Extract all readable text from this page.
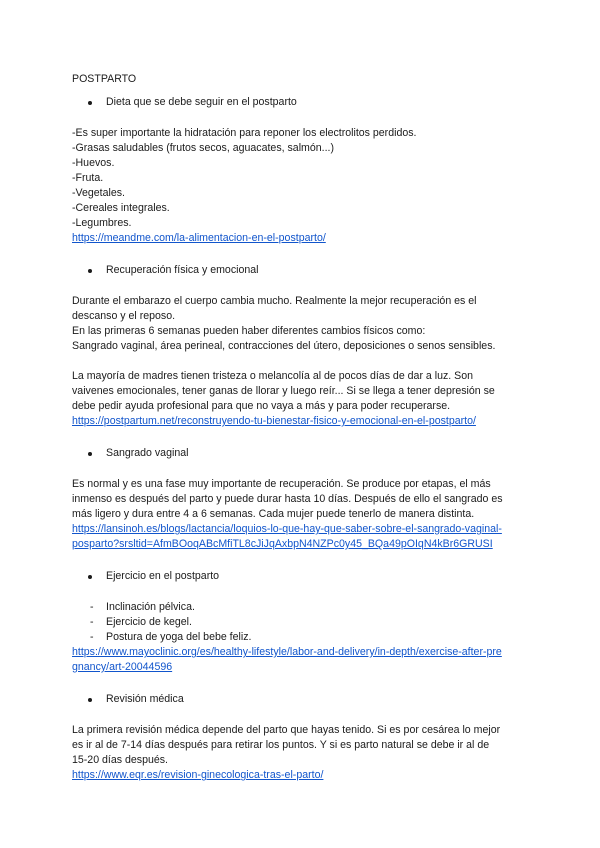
POSTPARTO
Dieta que se debe seguir en el postparto
-Es super importante la hidratación para reponer los electrolitos perdidos.
-Grasas saludables (frutos secos, aguacates, salmón...)
-Huevos.
-Fruta.
-Vegetales.
-Cereales integrales.
-Legumbres.
https://meandme.com/la-alimentacion-en-el-postparto/
Recuperación física y emocional
Durante el embarazo el cuerpo cambia mucho. Realmente la mejor recuperación es el
descanso y el reposo.
En las primeras 6 semanas pueden haber diferentes cambios físicos como:
Sangrado vaginal, área perineal, contracciones del útero, deposiciones o senos sensibles.
La mayoría de madres tienen tristeza o melancolía al de pocos días de dar a luz. Son
vaivenes emocionales, tener ganas de llorar y luego reír... Si se llega a tener depresión se
debe pedir ayuda profesional para que no vaya a más y para poder recuperarse.
https://postpartum.net/reconstruyendo-tu-bienestar-fisico-y-emocional-en-el-postparto/
Sangrado vaginal
Es normal y es una fase muy importante de recuperación. Se produce por etapas, el más
inmenso es después del parto y puede durar hasta 10 días. Después de ello el sangrado es
más ligero y dura entre 4 a 6 semanas. Cada mujer puede tenerlo de manera distinta.
https://lansinoh.es/blogs/lactancia/loquios-lo-que-hay-que-saber-sobre-el-sangrado-vaginal-
posparto?srsltid=AfmBOoqABcMfiTL8cJiJqAxbpN4NZPc0y45_BQa49pOIqN4kBr6GRUSI
Ejercicio en el postparto
-	Inclinación pélvica.
-	Ejercicio de kegel.
-	Postura de yoga del bebe feliz.
https://www.mayoclinic.org/es/healthy-lifestyle/labor-and-delivery/in-depth/exercise-after-pre
gnancy/art-20044596
Revisión médica
La primera revisión médica depende del parto que hayas tenido. Si es por cesárea lo mejor
es ir al de 7-14 días después para retirar los puntos. Y si es parto natural se debe ir al de
15-20 días después.
https://www.eqr.es/revision-ginecologica-tras-el-parto/
